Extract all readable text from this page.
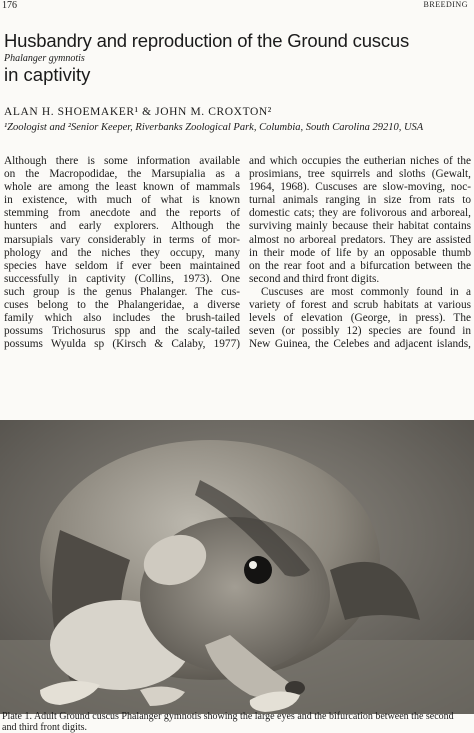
176	BREEDING
Husbandry and reproduction of the Ground cuscus
Phalanger gymnotis
in captivity
ALAN H. SHOEMAKER¹ & JOHN M. CROXTON²
¹Zoologist and ²Senior Keeper, Riverbanks Zoological Park, Columbia, South Carolina 29210, USA
Although there is some information available
on the Macropodidae, the Marsupialia as a
whole are among the least known of mammals
in existence, with much of what is known
stemming from anecdote and the reports of
hunters and early explorers. Although the
marsupials vary considerably in terms of mor-
phology and the niches they occupy, many
species have seldom if ever been maintained
successfully in captivity (Collins, 1973). One
such group is the genus Phalanger. The cus-
cuses belong to the Phalangeridae, a diverse
family which also includes the brush-tailed
possums Trichosurus spp and the scaly-tailed
possums Wyulda sp (Kirsch & Calaby, 1977)
and which occupies the eutherian niches of the
prosimians, tree squirrels and sloths (Gewalt,
1964, 1968). Cuscuses are slow-moving, noc-
turnal animals ranging in size from rats to
domestic cats; they are folivorous and arboreal,
surviving mainly because their habitat contains
almost no arboreal predators. They are assisted
in their mode of life by an opposable thumb
on the rear foot and a bifurcation between the
second and third front digits.
Cuscuses are most commonly found in a
variety of forest and scrub habitats at various
levels of elevation (George, in press). The
seven (or possibly 12) species are found in
New Guinea, the Celebes and adjacent islands,
Plate 1. Adult Ground cuscus Phalanger gymnotis showing the large eyes and the bifurcation between the second
and third front digits.
